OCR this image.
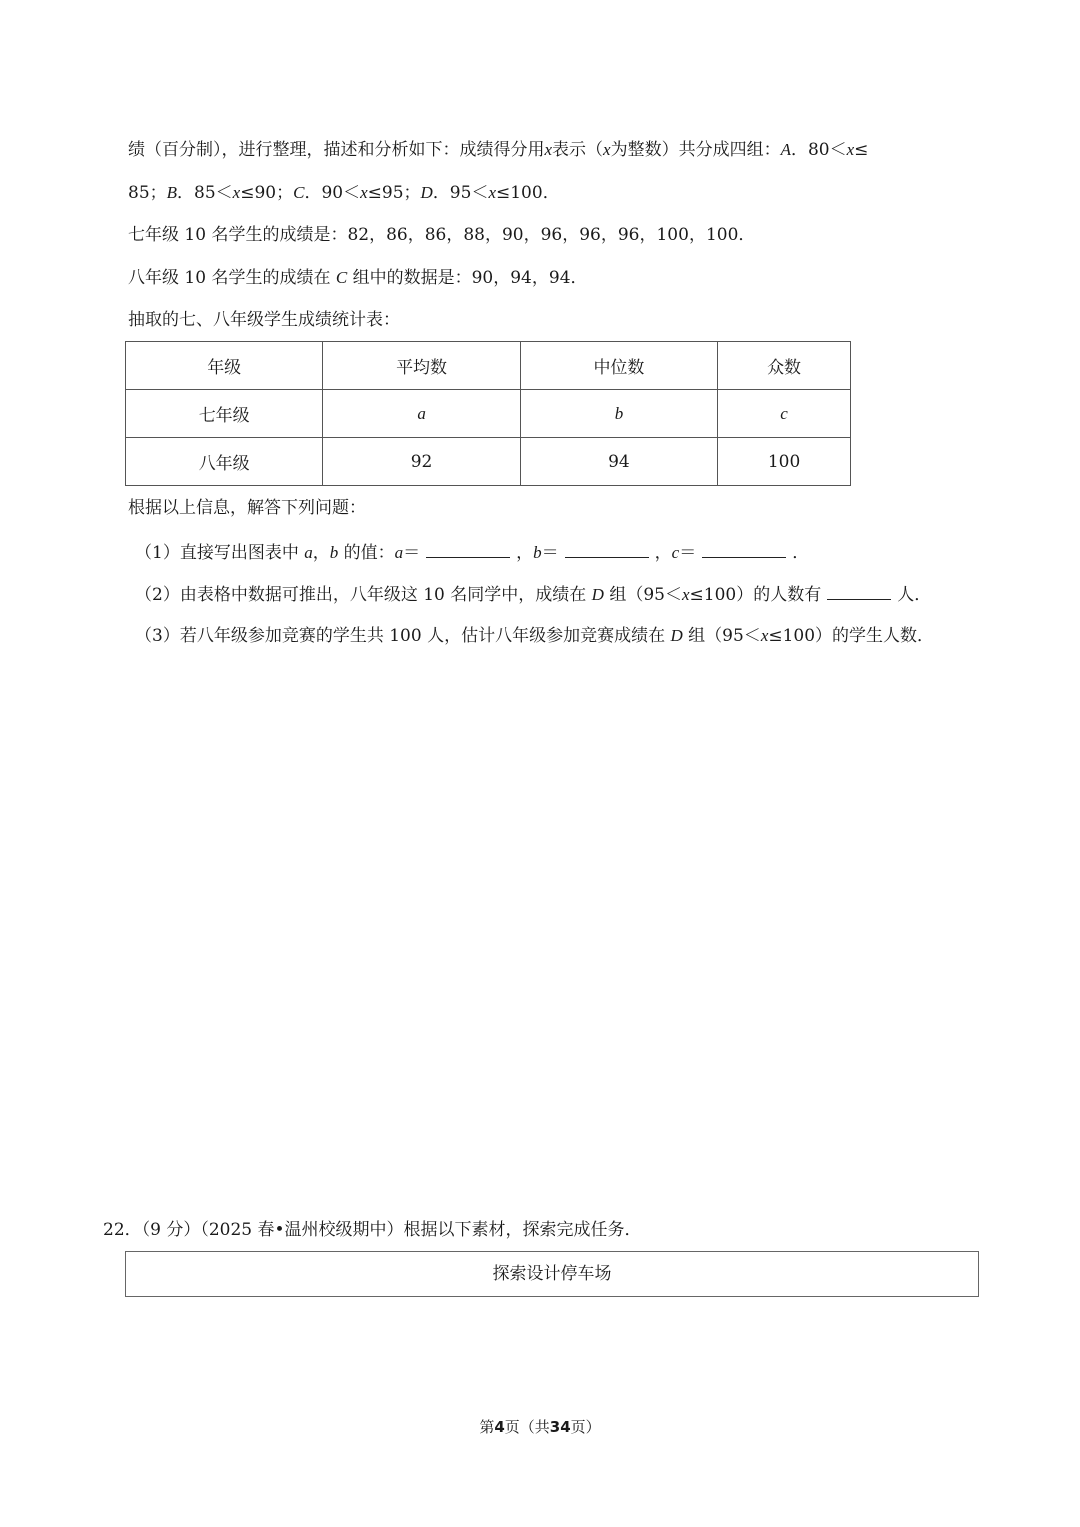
绩（百分制），进行整理，描述和分析如下：成绩得分用x表示（x为整数）共分成四组：A．80＜x≤
85；B．85＜x≤90；C．90＜x≤95；D．95＜x≤100．
七年级 10 名学生的成绩是：82，86，86，88，90，96，96，96，100，100．
八年级 10 名学生的成绩在 C 组中的数据是：90，94，94．
抽取的七、八年级学生成绩统计表：
年级	平均数	中位数	众数
七年级	a	b	c
八年级	92	94	100
根据以上信息，解答下列问题：
（1）直接写出图表中 a，b 的值：a＝	，b＝	，c＝	．
（2）由表格中数据可推出，八年级这 10 名同学中，成绩在 D 组（95＜x≤100）的人数有	人．
（3）若八年级参加竞赛的学生共 100 人，估计八年级参加竞赛成绩在 D 组（95＜x≤100）的学生人数．
22．（9 分）（2025 春•温州校级期中）根据以下素材，探索完成任务．
探索设计停车场
第4页（共34页）
